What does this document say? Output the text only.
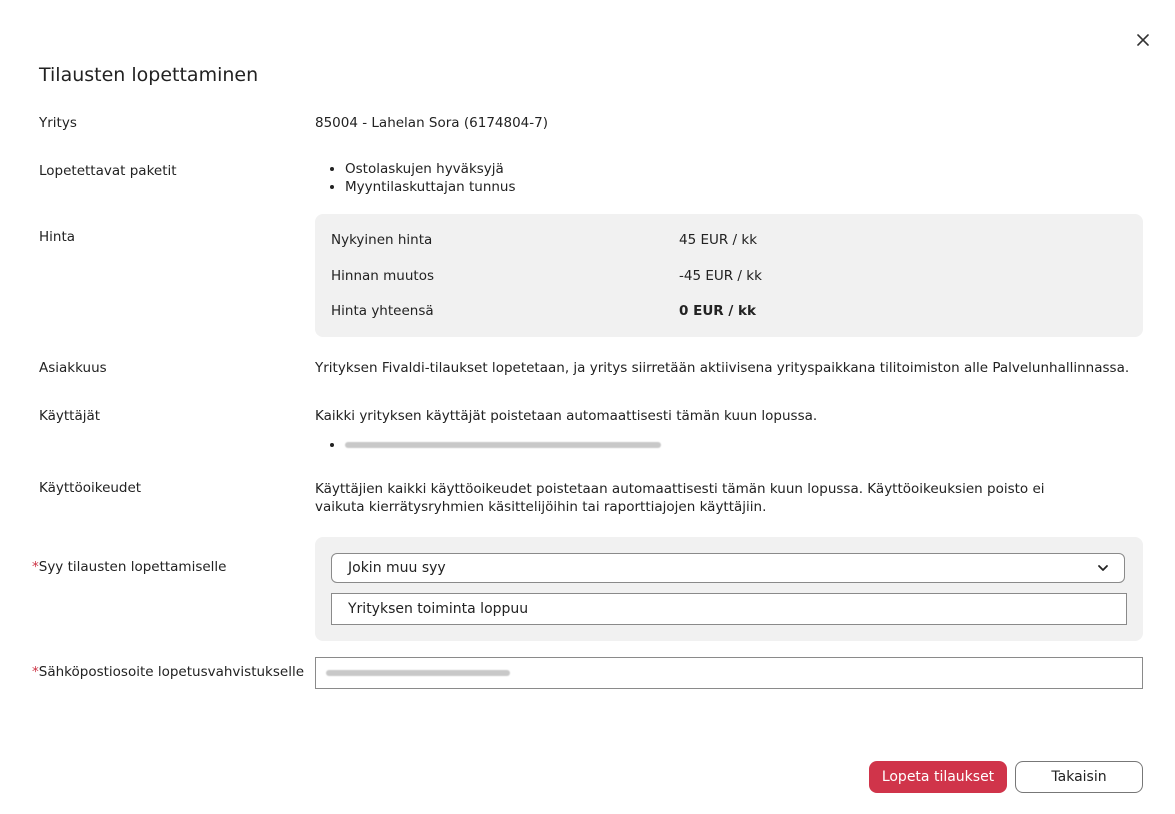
Tilausten lopettaminen
Yritys	85004 - Lahelan Sora (6174804-7)
Lopetettavat paketit
•	Ostolaskujen hyväksyjä
• Myyntilaskuttajan tunnus
Hinta	Nykyinen hinta	45 EUR / kk
Hinnan muutos	-45 EUR / kk
Hinta yhteensä	0 EUR / kk
Asiakkuus	Yrityksen Fivaldi-tilaukset lopetetaan, ja yritys siirretään aktiivisena yrityspaikkana tilitoimiston alle Palvelunhallinnassa.
Käyttäjät	Kaikki yrityksen käyttäjät poistetaan automaattisesti tämän kuun lopussa.
•
Käyttöoikeudet	Käyttäjien kaikki käyttöoikeudet poistetaan automaattisesti tämän kuun lopussa. Käyttöoikeuksien poisto ei vaikuta kierrätysryhmien käsittelijöihin tai raporttiajojen käyttäjiin.
*Syy tilausten lopettamiselle	Jokin muu syy
Yrityksen toiminta loppuu
*Sähköpostiosoite lopetusvahvistukselle
Lopeta tilaukset	Takaisin
